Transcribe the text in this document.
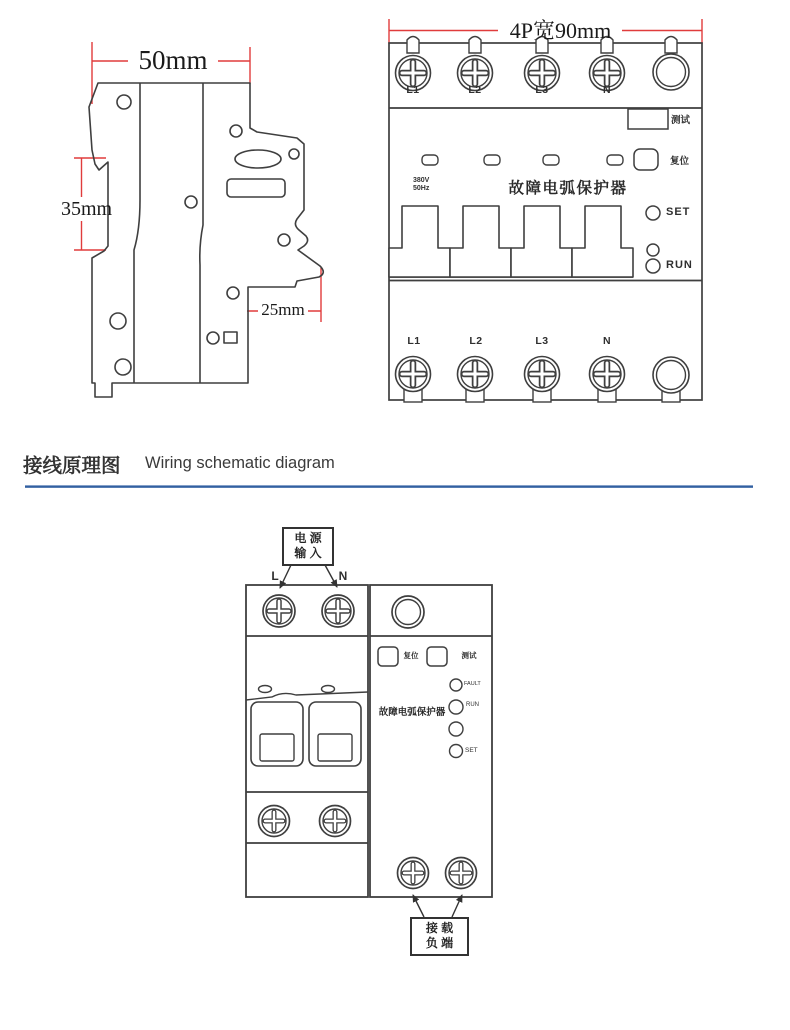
50mm
35mm
25mm
4P宽90mm
L1	L2	L3	N
测试
复位
380V
50Hz	故障电弧保护器
SET
RUN
L1	L2	L3	N
接线原理图 Wiring schematic diagram
电 源
输 入
L	N
复位	测试
FAULT
RUN
SET
故障电弧保护器
接 载
负 端
